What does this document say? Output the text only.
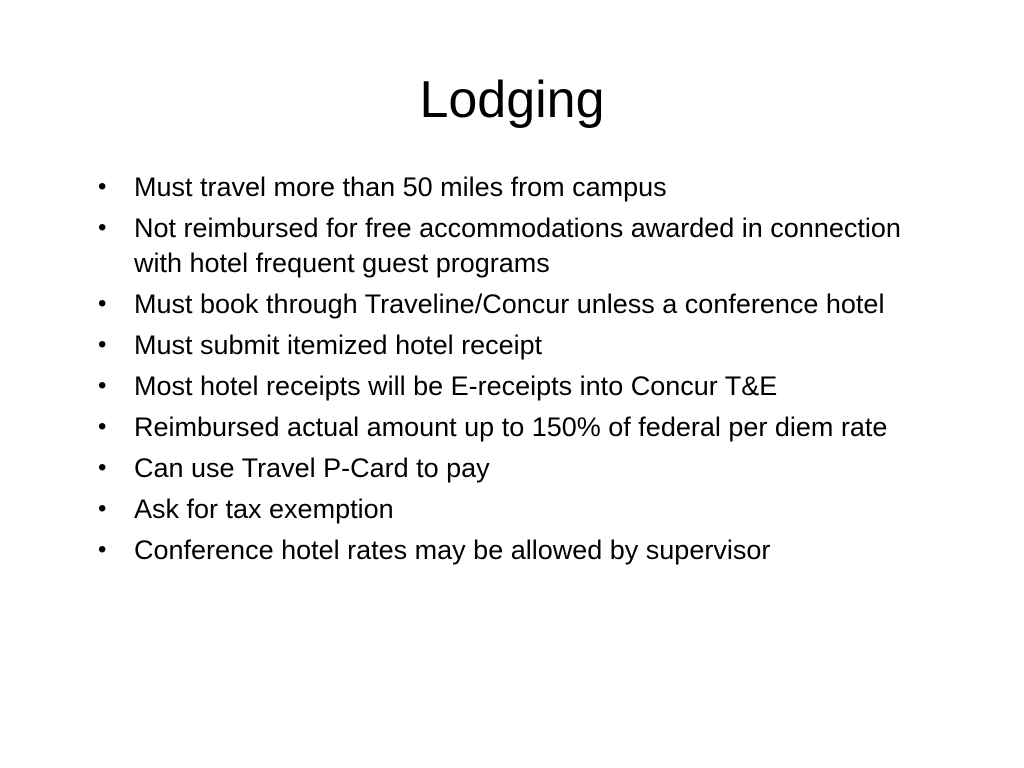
Lodging
• Must travel more than 50 miles from campus
• Not reimbursed for free accommodations awarded in connection with hotel frequent guest programs
• Must book through Traveline/Concur unless a conference hotel
• Must submit itemized hotel receipt
• Most hotel receipts will be E-receipts into Concur T&E
• Reimbursed actual amount up to 150% of federal per diem rate
• Can use Travel P-Card to pay
• Ask for tax exemption
• Conference hotel rates may be allowed by supervisor
